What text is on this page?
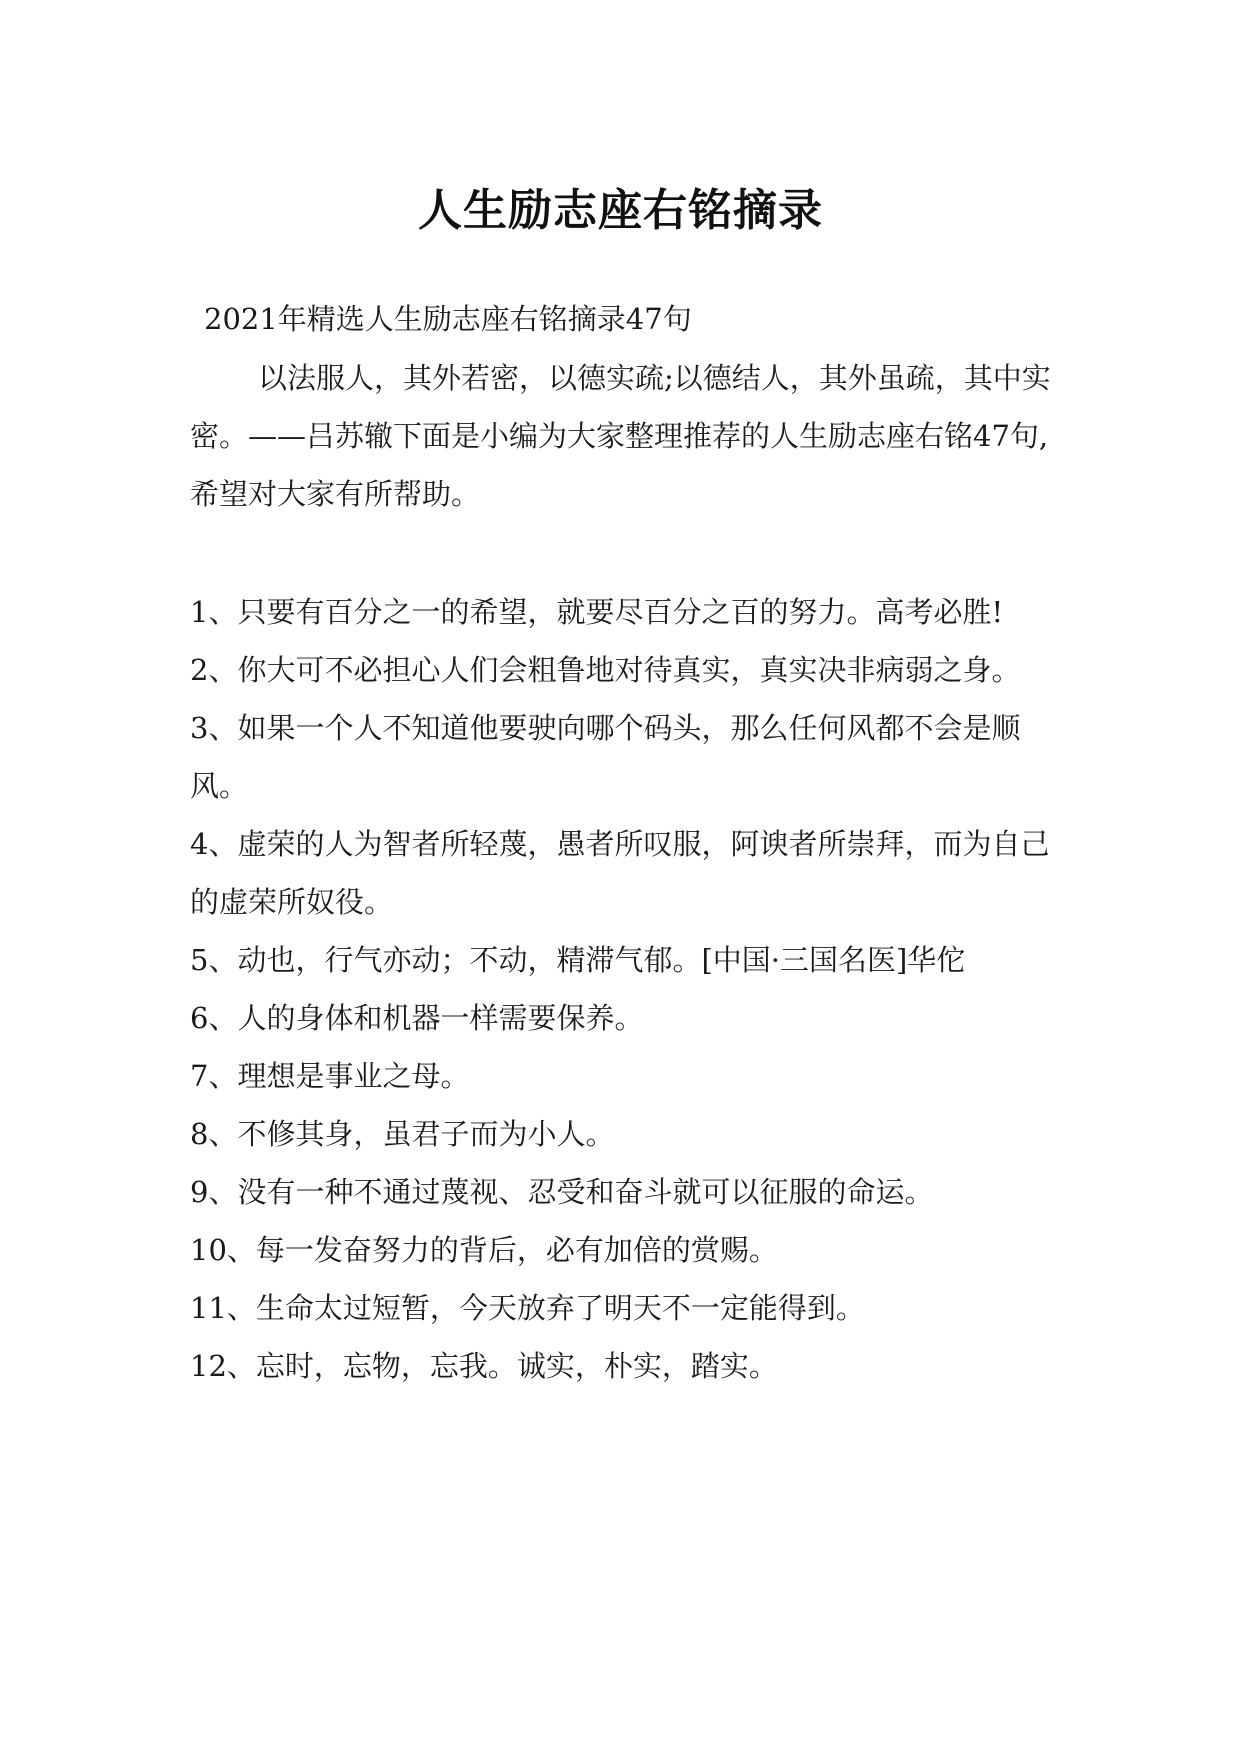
人生励志座右铭摘录
2021年精选人生励志座右铭摘录47句
以法服人，其外若密，以德实疏;以德结人，其外虽疏，其中实密。——吕苏辙下面是小编为大家整理推荐的人生励志座右铭47句,希望对大家有所帮助。
1、只要有百分之一的希望，就要尽百分之百的努力。高考必胜!
2、你大可不必担心人们会粗鲁地对待真实，真实决非病弱之身。
3、如果一个人不知道他要驶向哪个码头，那么任何风都不会是顺风。
4、虚荣的人为智者所轻蔑，愚者所叹服，阿谀者所崇拜，而为自己的虚荣所奴役。
5、动也，行气亦动；不动，精滞气郁。[中国·三国名医]华佗
6、人的身体和机器一样需要保养。
7、理想是事业之母。
8、不修其身，虽君子而为小人。
9、没有一种不通过蔑视、忍受和奋斗就可以征服的命运。
10、每一发奋努力的背后，必有加倍的赏赐。
11、生命太过短暂，今天放弃了明天不一定能得到。
12、忘时，忘物，忘我。诚实，朴实，踏实。
